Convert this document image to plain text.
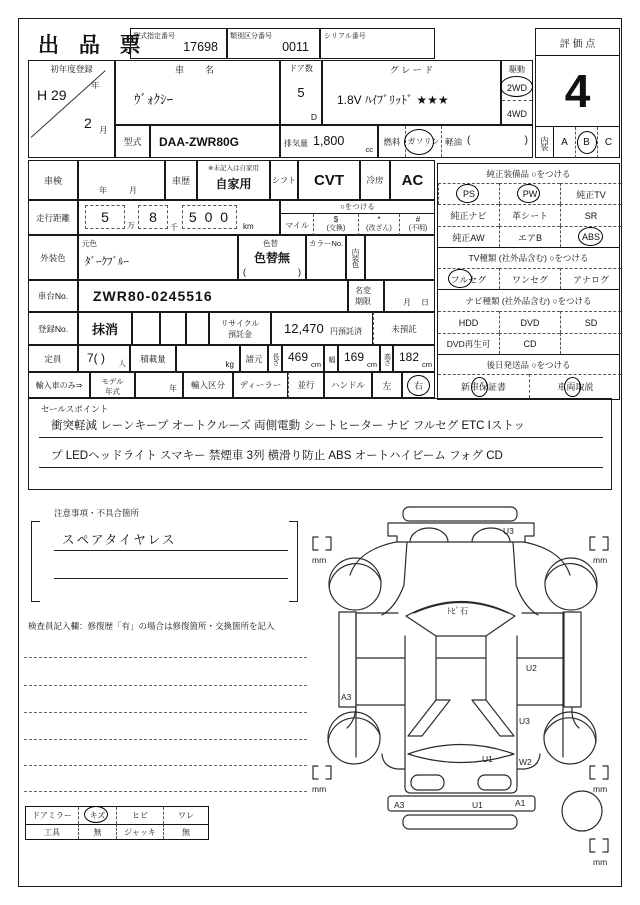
出 品 票
型式指定番号
17698
類別区分番号
0011
シリアル番号
評 価 点
4
内装	A	B	C
初年度登録
年
H 29
2 月
車　名
ｳﾞｫｸｼｰ
型式	DAA-ZWR80G
ドア数
5
D
排気量 1,800
cc
グ レ ー ド
1.8V ﾊｲﾌﾞﾘｯﾄﾞ ★★★
燃料 ガソリン 軽油 (	)
駆動
2WD
4WD
車検
年	月
車歴
※未記入は自家用
自家用	シフト	CVT	冷房	AC
走行距離	5
万
8
千
5 0 0
km
○をつける
マイル
$
(交換)
*
(改ざん)
#
(不明)
外装色
元色
ﾀﾞｰｸﾌﾞﾙｰ
色替
色替無
(	)
カラーNo.
内装色
車台No.	ZWR80-0245516	名変
期限	月 日
登録No.	抹消	リサイクル
預託金	12,470 円預託済	未預託
定員	7( ) 人	積載量
kg
諸元	長さ 469
cm
幅 169
cm 高さ 182
cm
輸入車のみ⇒	モデル
年式	年	輸入区分	ディーラー	並行	ハンドル	左	右
純正装備品 ○をつける
PS	PW	純正TV
純正ナビ	革シート	SR
純正AW	エアB	ABS
TV種類 (社外品含む) ○をつける
フルセグ	ワンセグ	アナログ
ナビ種類 (社外品含む) ○をつける
HDD	DVD	SD
DVD再生可	CD
後日発送品 ○をつける
新車保証書	車両取説
セールスポイント
衝突軽減 レーンキープ オートクルーズ 両側電動 シートヒーター ナビ フルセグ ETC Iストッ
プ LEDヘッドライト スマキー 禁煙車 3列 横滑り防止 ABS オートハイビーム フォグ CD
注意事項・不具合箇所
スペアタイヤレス
検査員記入欄：修復歴「有」の場合は修復箇所・交換箇所を記入
ドアミラー	キズ	ヒビ	ワレ
工具	無	ジャッキ	無
U3
ﾄﾋﾞ石
A3
U2
U3
U1	W2
A3	U1	A1
mm	mm
mm	mm
mm
